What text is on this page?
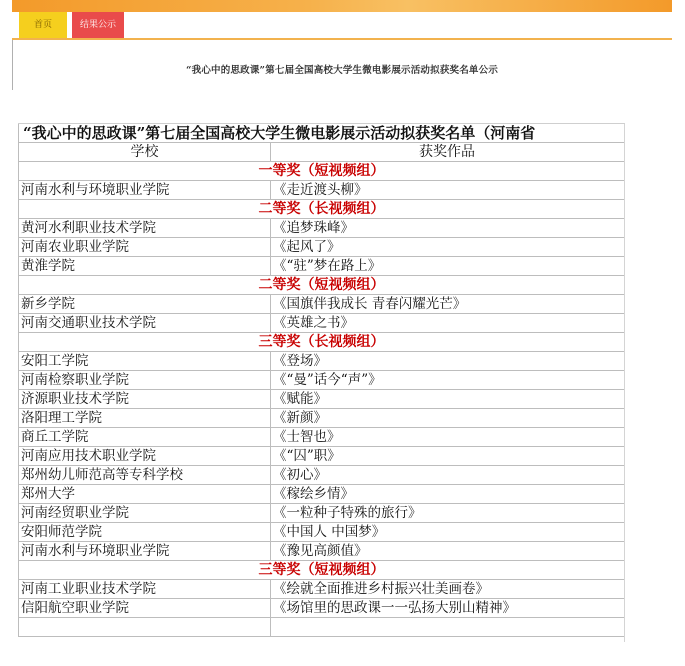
首页	结果公示
“我心中的思政课”第七届全国高校大学生微电影展示活动拟获奖名单公示
“我心中的思政课”第七届全国高校大学生微电影展示活动拟获奖名单（河南省
学校	获奖作品
一等奖（短视频组）
河南水利与环境职业学院	《走近渡头柳》
二等奖（长视频组）
黄河水利职业技术学院	《追梦珠峰》
河南农业职业学院	《起风了》
黄淮学院	《“驻”梦在路上》
二等奖（短视频组）
新乡学院	《国旗伴我成长 青春闪耀光芒》
河南交通职业技术学院	《英雄之书》
三等奖（长视频组）
安阳工学院	《登场》
河南检察职业学院	《“曼”话今“声”》
济源职业技术学院	《赋能》
洛阳理工学院	《新颜》
商丘工学院	《士智也》
河南应用技术职业学院	《“囚”职》
郑州幼儿师范高等专科学校	《初心》
郑州大学	《稼绘乡情》
河南经贸职业学院	《一粒种子特殊的旅行》
安阳师范学院	《中国人 中国梦》
河南水利与环境职业学院	《豫见高颜值》
三等奖（短视频组）
河南工业职业技术学院	《绘就全面推进乡村振兴壮美画卷》
信阳航空职业学院	《场馆里的思政课一一弘扬大别山精神》
